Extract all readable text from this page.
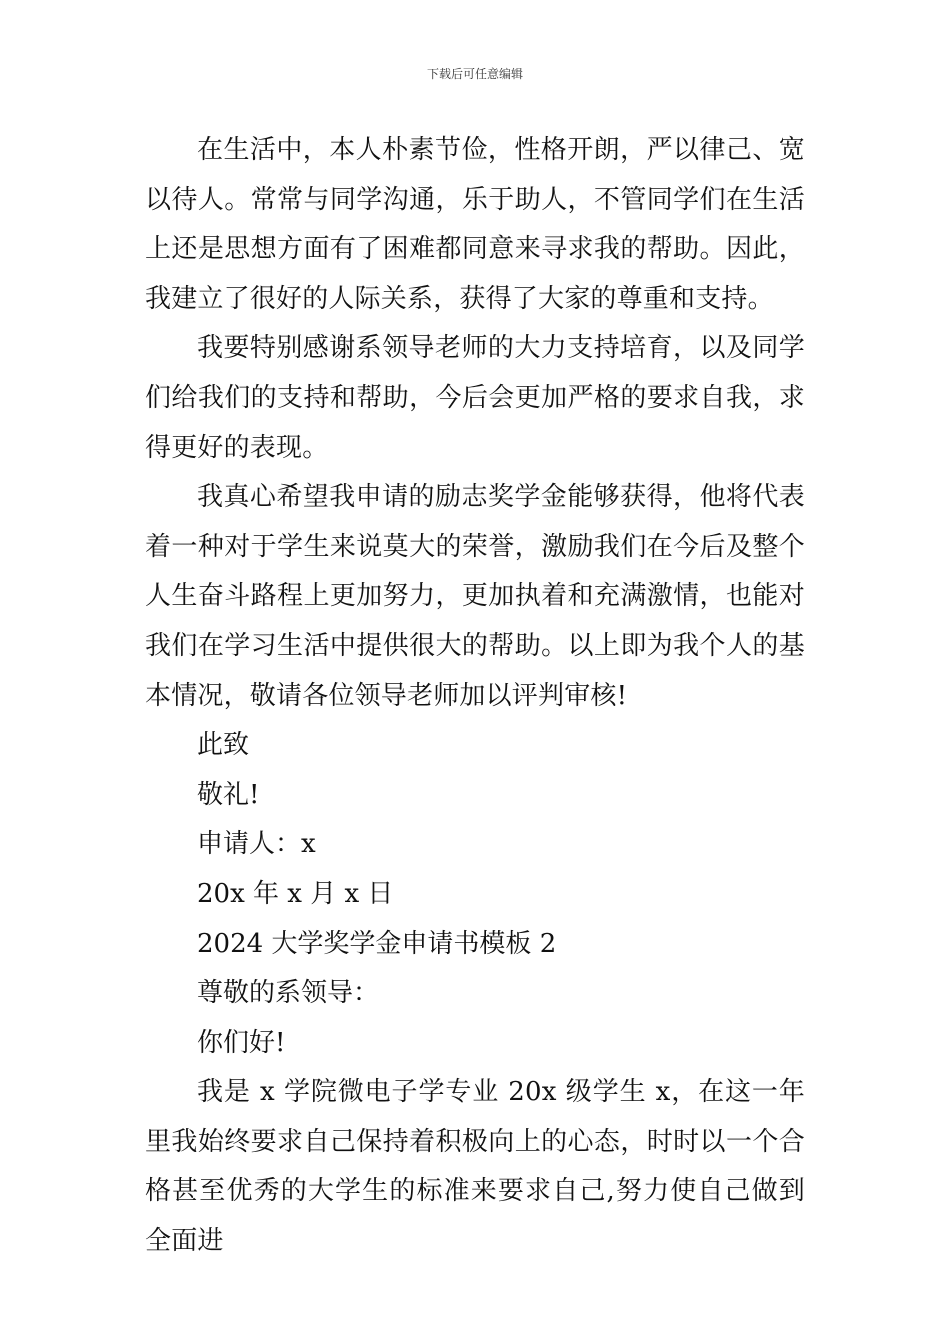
下载后可任意编辑

在生活中，本人朴素节俭，性格开朗，严以律己、宽以待人。常常与同学沟通，乐于助人，不管同学们在生活上还是思想方面有了困难都同意来寻求我的帮助。因此，我建立了很好的人际关系，获得了大家的尊重和支持。

我要特别感谢系领导老师的大力支持培育，以及同学们给我们的支持和帮助，今后会更加严格的要求自我，求得更好的表现。

我真心希望我申请的励志奖学金能够获得，他将代表着一种对于学生来说莫大的荣誉，激励我们在今后及整个人生奋斗路程上更加努力，更加执着和充满激情，也能对我们在学习生活中提供很大的帮助。以上即为我个人的基本情况，敬请各位领导老师加以评判审核!

此致

敬礼!

申请人：x

20x 年 x 月 x 日

2024 大学奖学金申请书模板 2

尊敬的系领导：

你们好!

我是 x 学院微电子学专业 20x 级学生 x，在这一年里我始终要求自己保持着积极向上的心态，时时以一个合格甚至优秀的大学生的标准来要求自己,努力使自己做到全面进
